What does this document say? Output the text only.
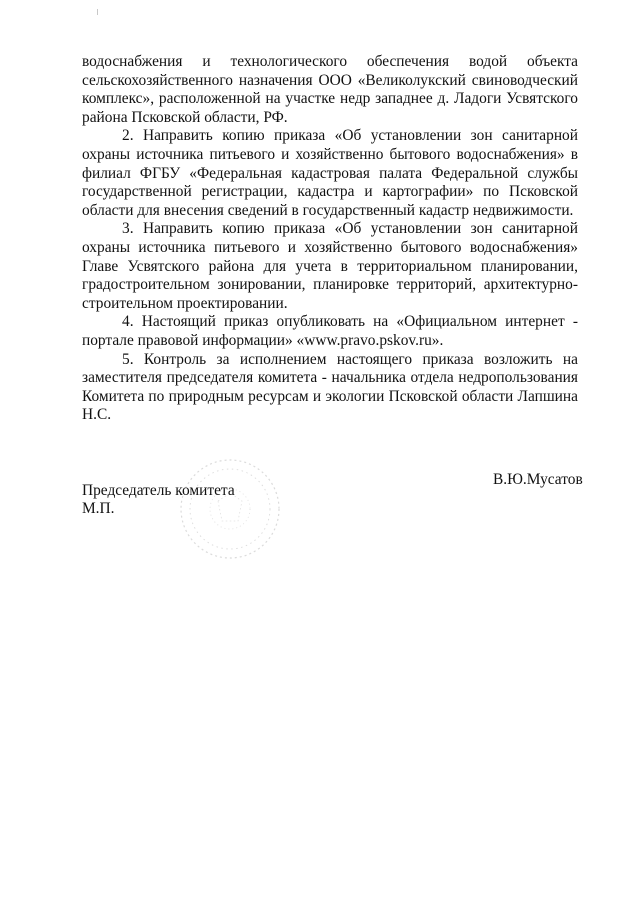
водоснабжения и технологического обеспечения водой объекта сельскохозяйственного назначения ООО «Великолукский свиноводческий комплекс», расположенной на участке недр западнее д. Ладоги Усвятского района Псковской области, РФ.

2. Направить копию приказа «Об установлении зон санитарной охраны источника питьевого и хозяйственно бытового водоснабжения» в филиал ФГБУ «Федеральная кадастровая палата Федеральной службы государственной регистрации, кадастра и картографии» по Псковской области для внесения сведений в государственный кадастр недвижимости.

3. Направить копию приказа «Об установлении зон санитарной охраны источника питьевого и хозяйственно бытового водоснабжения» Главе Усвятского района для учета в территориальном планировании, градостроительном зонировании, планировке территорий, архитектурно-строительном проектировании.

4. Настоящий приказ опубликовать на «Официальном интернет - портале правовой информации» «www.pravo.pskov.ru».

5. Контроль за исполнением настоящего приказа возложить на заместителя председателя комитета - начальника отдела недропользования Комитета по природным ресурсам и экологии Псковской области Лапшина Н.С.

Председатель комитета
М.П.
В.Ю.Мусатов
